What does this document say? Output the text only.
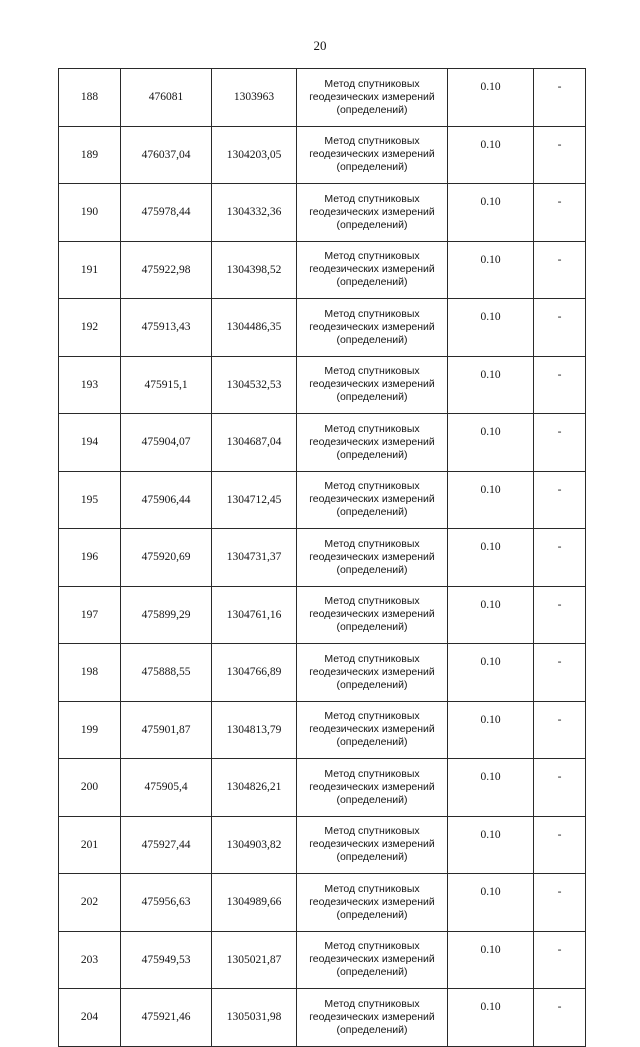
20
188	476081	1303963	Метод спутниковых
геодезических измерений
(определений)	0.10	-
189	476037,04	1304203,05	Метод спутниковых
геодезических измерений
(определений)	0.10	-
190	475978,44	1304332,36	Метод спутниковых
геодезических измерений
(определений)	0.10	-
191	475922,98	1304398,52	Метод спутниковых
геодезических измерений
(определений)	0.10	-
192	475913,43	1304486,35	Метод спутниковых
геодезических измерений
(определений)	0.10	-
193	475915,1	1304532,53	Метод спутниковых
геодезических измерений
(определений)	0.10	-
194	475904,07	1304687,04	Метод спутниковых
геодезических измерений
(определений)	0.10	-
195	475906,44	1304712,45	Метод спутниковых
геодезических измерений
(определений)	0.10	-
196	475920,69	1304731,37	Метод спутниковых
геодезических измерений
(определений)	0.10	-
197	475899,29	1304761,16	Метод спутниковых
геодезических измерений
(определений)	0.10	-
198	475888,55	1304766,89	Метод спутниковых
геодезических измерений
(определений)	0.10	-
199	475901,87	1304813,79	Метод спутниковых
геодезических измерений
(определений)	0.10	-
200	475905,4	1304826,21	Метод спутниковых
геодезических измерений
(определений)	0.10	-
201	475927,44	1304903,82	Метод спутниковых
геодезических измерений
(определений)	0.10	-
202	475956,63	1304989,66	Метод спутниковых
геодезических измерений
(определений)	0.10	-
203	475949,53	1305021,87	Метод спутниковых
геодезических измерений
(определений)	0.10	-
204	475921,46	1305031,98	Метод спутниковых
геодезических измерений
(определений)	0.10	-
